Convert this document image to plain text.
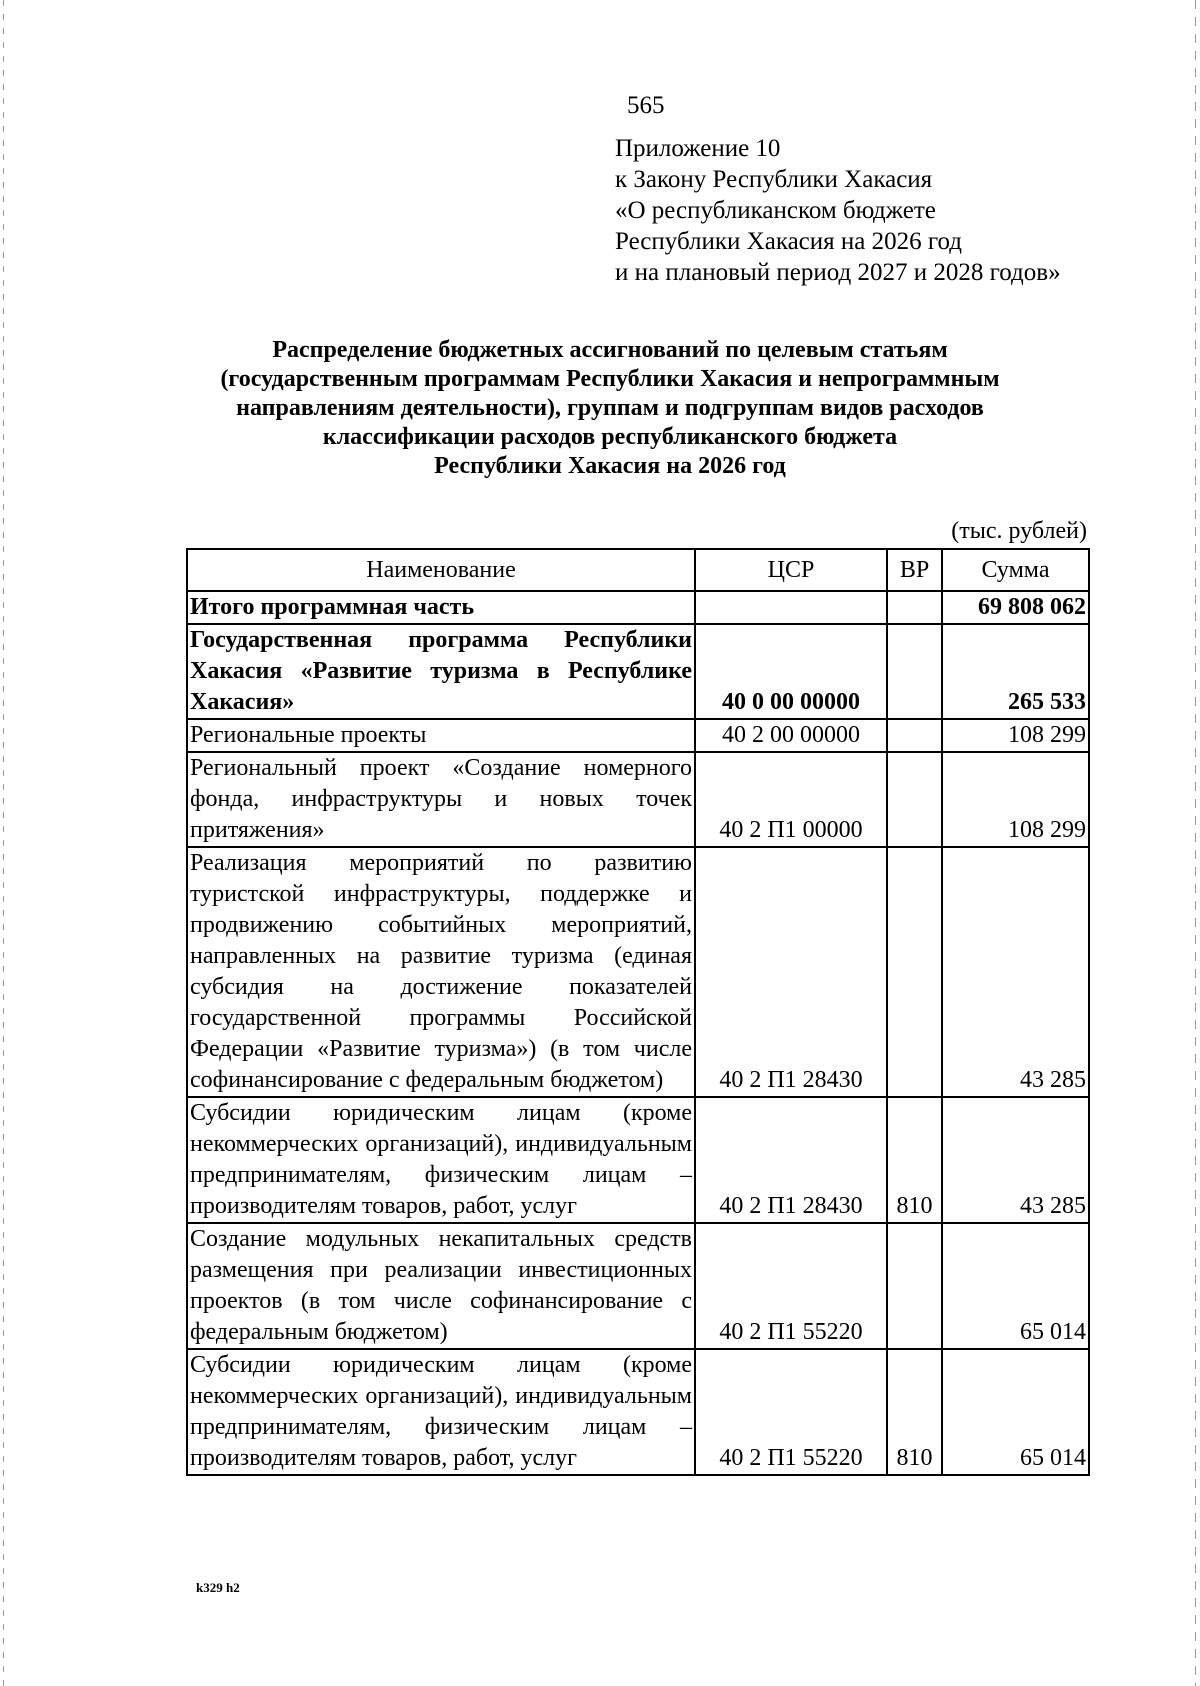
565
Приложение 10
к Закону Республики Хакасия
«О республиканском бюджете
Республики Хакасия на 2026 год
и на плановый период 2027 и 2028 годов»
Распределение бюджетных ассигнований по целевым статьям
(государственным программам Республики Хакасия и непрограммным
направлениям деятельности), группам и подгруппам видов расходов
классификации расходов республиканского бюджета
Республики Хакасия на 2026 год
(тыс. рублей)
Наименование	ЦСР	ВР	Сумма
Итого программная часть			69 808 062
Государственная программа Республики Хакасия «Развитие туризма в Республике Хакасия»	40 0 00 00000		265 533
Региональные проекты	40 2 00 00000		108 299
Региональный проект «Создание номерного фонда, инфраструктуры и новых точек притяжения»	40 2 П1 00000		108 299
Реализация мероприятий по развитию туристской инфраструктуры, поддержке и продвижению событийных мероприятий, направленных на развитие туризма (единая субсидия на достижение показателей государственной программы Российской Федерации «Развитие туризма») (в том числе софинансирование с федеральным бюджетом)	40 2 П1 28430		43 285
Субсидии юридическим лицам (кроме некоммерческих организаций), индивидуальным предпринимателям, физическим лицам – производителям товаров, работ, услуг	40 2 П1 28430	810	43 285
Создание модульных некапитальных средств размещения при реализации инвестиционных проектов (в том числе софинансирование с федеральным бюджетом)	40 2 П1 55220		65 014
Субсидии юридическим лицам (кроме некоммерческих организаций), индивидуальным предпринимателям, физическим лицам – производителям товаров, работ, услуг	40 2 П1 55220	810	65 014
k329 h2
